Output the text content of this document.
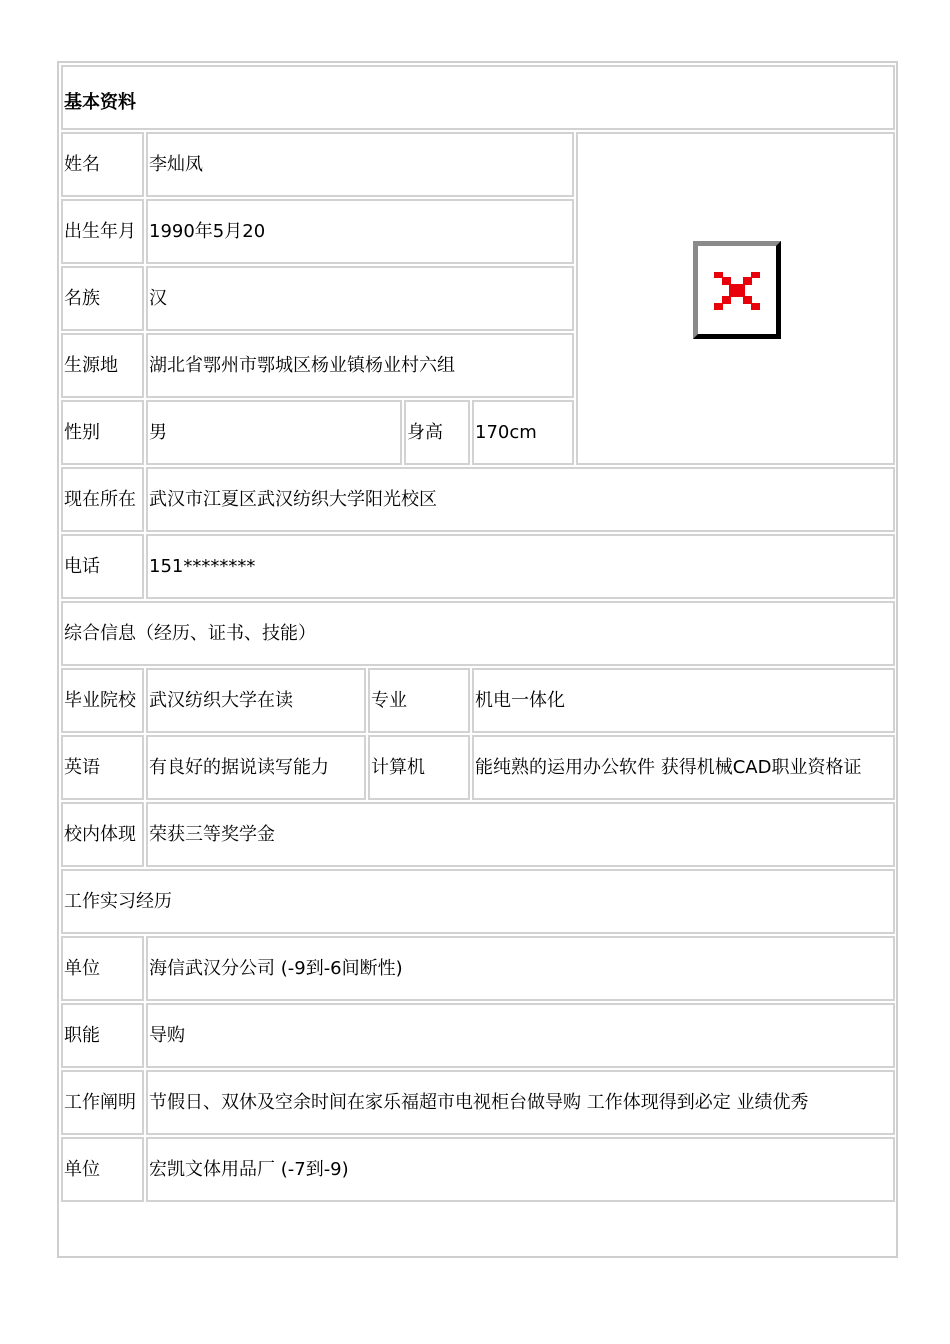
基本资料					
姓名	李灿凤	

出生年月	1990年5月20				
名族	汉				
生源地	湖北省鄂州市鄂城区杨业镇杨业村六组				
性别	男		身高	170cm	
现在所在	武汉市江夏区武汉纺织大学阳光校区				
电话	151********				
综合信息（经历、证书、技能）					
毕业院校	武汉纺织大学在读	专业		机电一体化	
英语	有良好的据说读写能力	计算机		能纯熟的运用办公软件 获得机械CAD职业资格证	
校内体现	荣获三等奖学金				
工作实习经历					
单位	海信武汉分公司 (-9到-6间断性)				
职能	导购				
工作阐明	节假日、双休及空余时间在家乐福超市电视柜台做导购 工作体现得到必定 业绩优秀				
单位	宏凯文体用品厂 (-7到-9)				
